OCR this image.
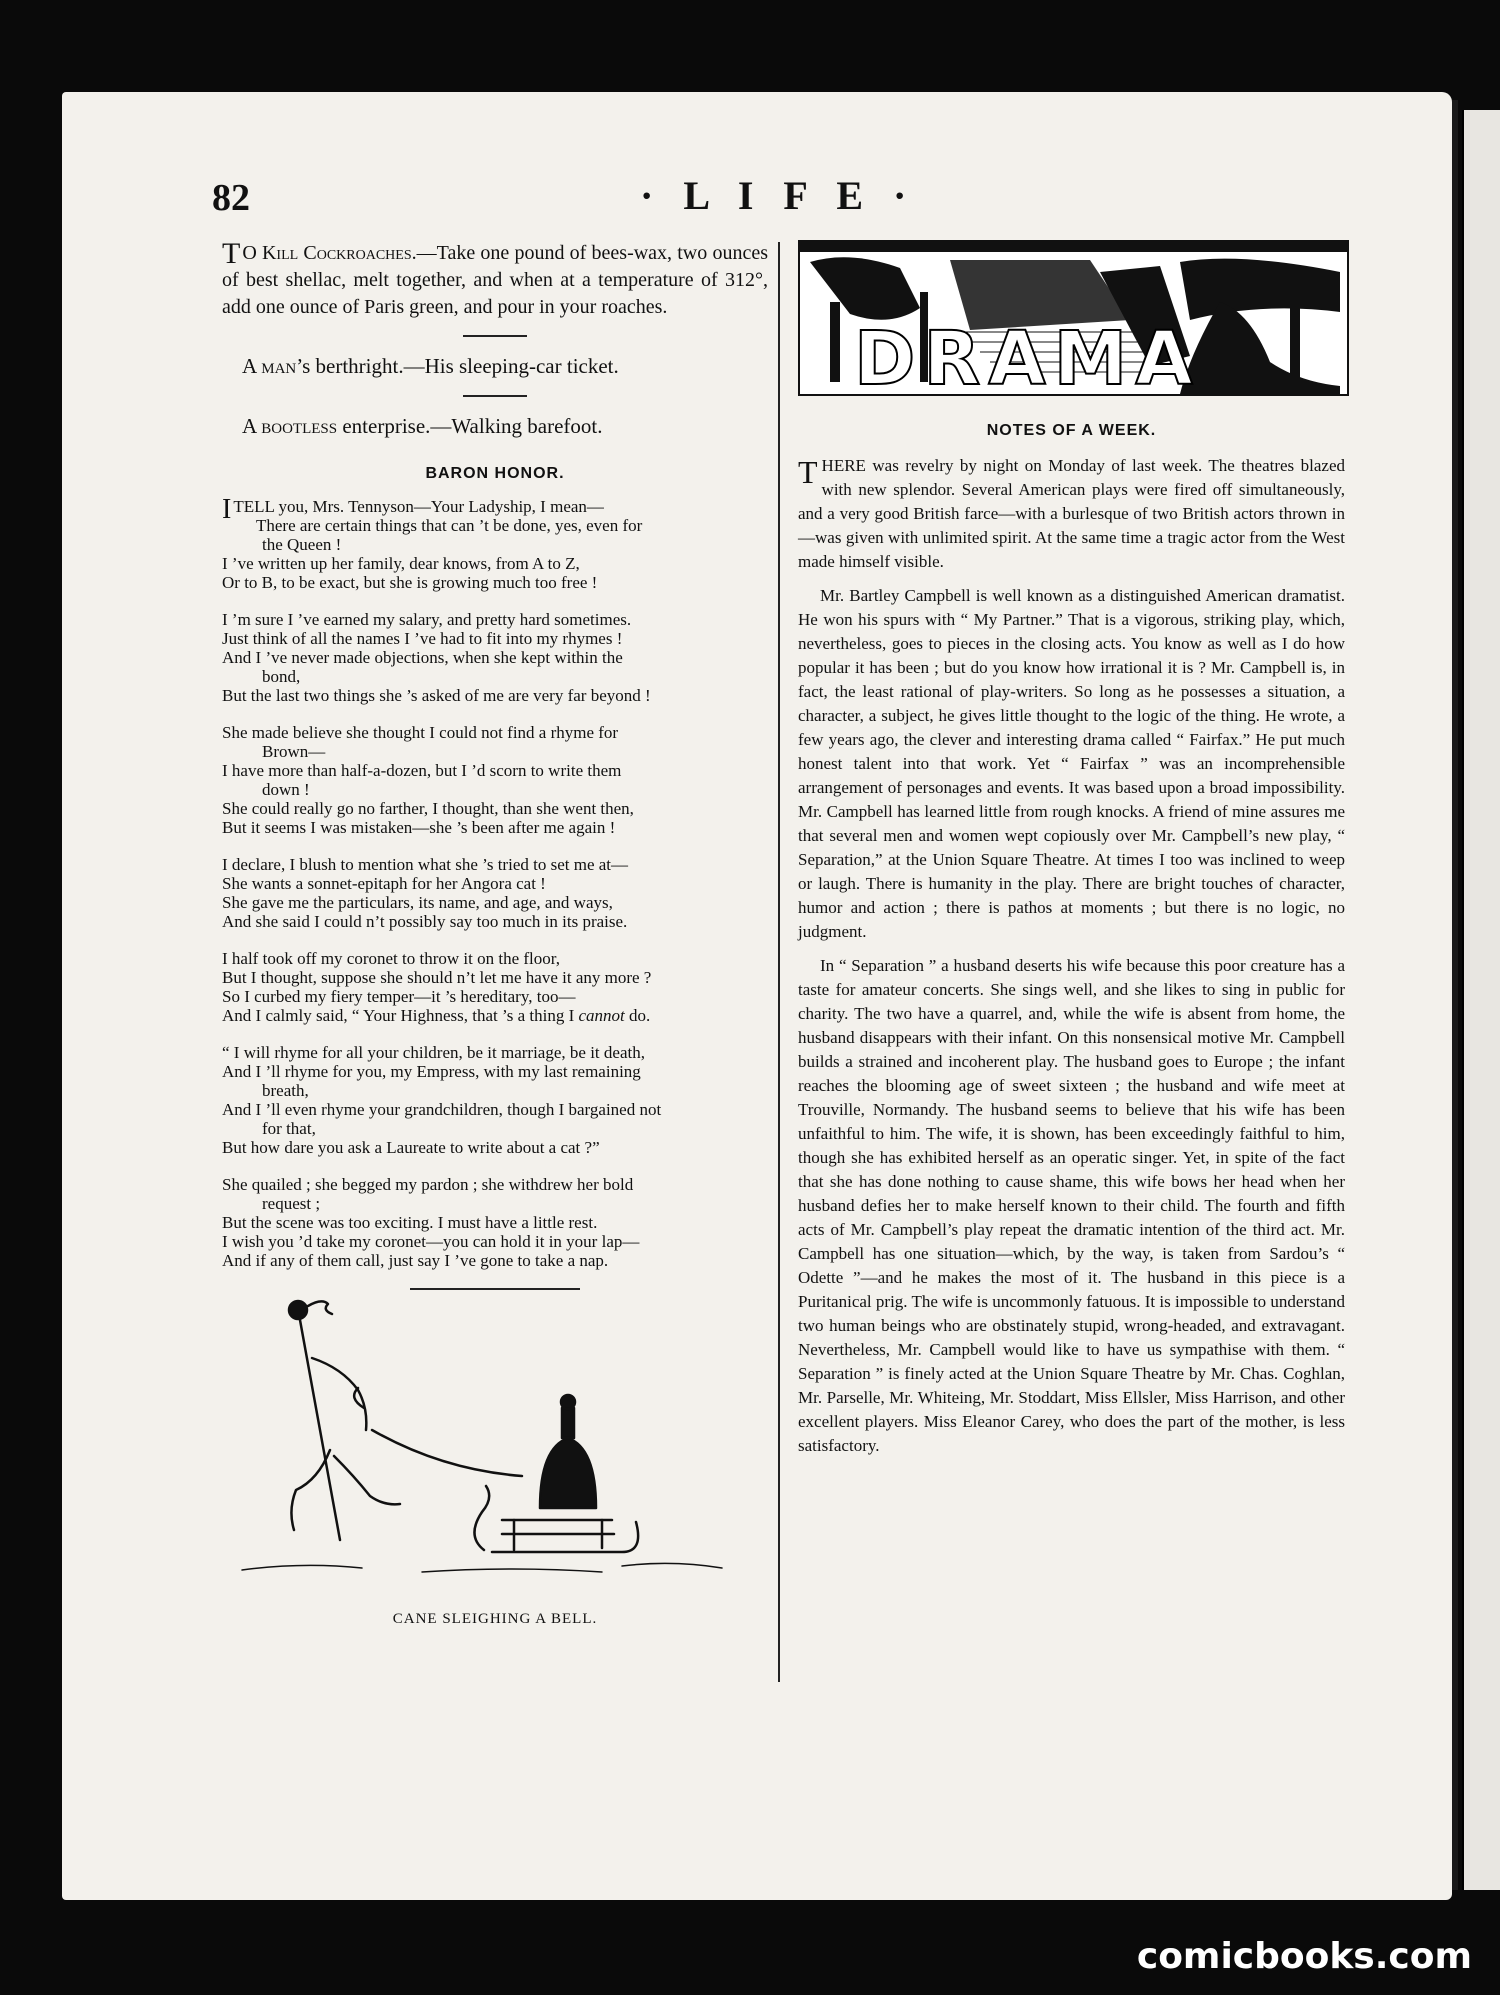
82	· L I F E ·

T O Kill Cockroaches.—Take one pound of bees-wax, two ounces of best shellac, melt together, and when at a temperature of 312°, add one ounce of Paris green, and pour in your roaches.

A man’s berthright.—His sleeping-car ticket.

A bootless enterprise.—Walking barefoot.

BARON HONOR.
I TELL you, Mrs. Tennyson—Your Ladyship, I mean—
There are certain things that can ’t be done, yes, even for
the Queen !
I ’ve written up her family, dear knows, from A to Z,
Or to B, to be exact, but she is growing much too free !
I ’m sure I ’ve earned my salary, and pretty hard sometimes.
Just think of all the names I ’ve had to fit into my rhymes !
And I ’ve never made objections, when she kept within the
bond,
But the last two things she ’s asked of me are very far beyond !
She made believe she thought I could not find a rhyme for
Brown—
I have more than half-a-dozen, but I ’d scorn to write them
down !
She could really go no farther, I thought, than she went then,
But it seems I was mistaken—she ’s been after me again !
I declare, I blush to mention what she ’s tried to set me at—
She wants a sonnet-epitaph for her Angora cat !
She gave me the particulars, its name, and age, and ways,
And she said I could n’t possibly say too much in its praise.
I half took off my coronet to throw it on the floor,
But I thought, suppose she should n’t let me have it any more ?
So I curbed my fiery temper—it ’s hereditary, too—
And I calmly said, “ Your Highness, that ’s a thing I cannot do.
“ I will rhyme for all your children, be it marriage, be it death,
And I ’ll rhyme for you, my Empress, with my last remaining
breath,
And I ’ll even rhyme your grandchildren, though I bargained not
for that,
But how dare you ask a Laureate to write about a cat ?”
She quailed ; she begged my pardon ; she withdrew her bold
request ;
But the scene was too exciting. I must have a little rest.
I wish you ’d take my coronet—you can hold it in your lap—
And if any of them call, just say I ’ve gone to take a nap.
CANE SLEIGHING A BELL.
DRAMA
NOTES OF A WEEK.

THERE was revelry by night on Monday of last week. The theatres blazed with new splendor. Several American plays were fired off simultaneously, and a very good British farce—with a burlesque of two British actors thrown in—was given with unlimited spirit. At the same time a tragic actor from the West made himself visible.

Mr. Bartley Campbell is well known as a distinguished American dramatist. He won his spurs with “ My Partner.” That is a vigorous, striking play, which, nevertheless, goes to pieces in the closing acts. You know as well as I do how popular it has been ; but do you know how irrational it is ? Mr. Campbell is, in fact, the least rational of play-writers. So long as he possesses a situation, a character, a subject, he gives little thought to the logic of the thing. He wrote, a few years ago, the clever and interesting drama called “ Fairfax.” He put much honest talent into that work. Yet “ Fairfax ” was an incomprehensible arrangement of personages and events. It was based upon a broad impossibility. Mr. Campbell has learned little from rough knocks. A friend of mine assures me that several men and women wept copiously over Mr. Campbell’s new play, “ Separation,” at the Union Square Theatre. At times I too was inclined to weep or laugh. There is humanity in the play. There are bright touches of character, humor and action ; there is pathos at moments ; but there is no logic, no judgment.

In “ Separation ” a husband deserts his wife because this poor creature has a taste for amateur concerts. She sings well, and she likes to sing in public for charity. The two have a quarrel, and, while the wife is absent from home, the husband disappears with their infant. On this nonsensical motive Mr. Campbell builds a strained and incoherent play. The husband goes to Europe ; the infant reaches the blooming age of sweet sixteen ; the husband and wife meet at Trouville, Normandy. The husband seems to believe that his wife has been unfaithful to him. The wife, it is shown, has been exceedingly faithful to him, though she has exhibited herself as an operatic singer. Yet, in spite of the fact that she has done nothing to cause shame, this wife bows her head when her husband defies her to make herself known to their child. The fourth and fifth acts of Mr. Campbell’s play repeat the dramatic intention of the third act. Mr. Campbell has one situation—which, by the way, is taken from Sardou’s “ Odette ”—and he makes the most of it. The husband in this piece is a Puritanical prig. The wife is uncommonly fatuous. It is impossible to understand two human beings who are obstinately stupid, wrong-headed, and extravagant. Nevertheless, Mr. Campbell would like to have us sympathise with them. “ Separation ” is finely acted at the Union Square Theatre by Mr. Chas. Coghlan, Mr. Parselle, Mr. Whiteing, Mr. Stoddart, Miss Ellsler, Miss Harrison, and other excellent players. Miss Eleanor Carey, who does the part of the mother, is less satisfactory.

comicbooks.com
